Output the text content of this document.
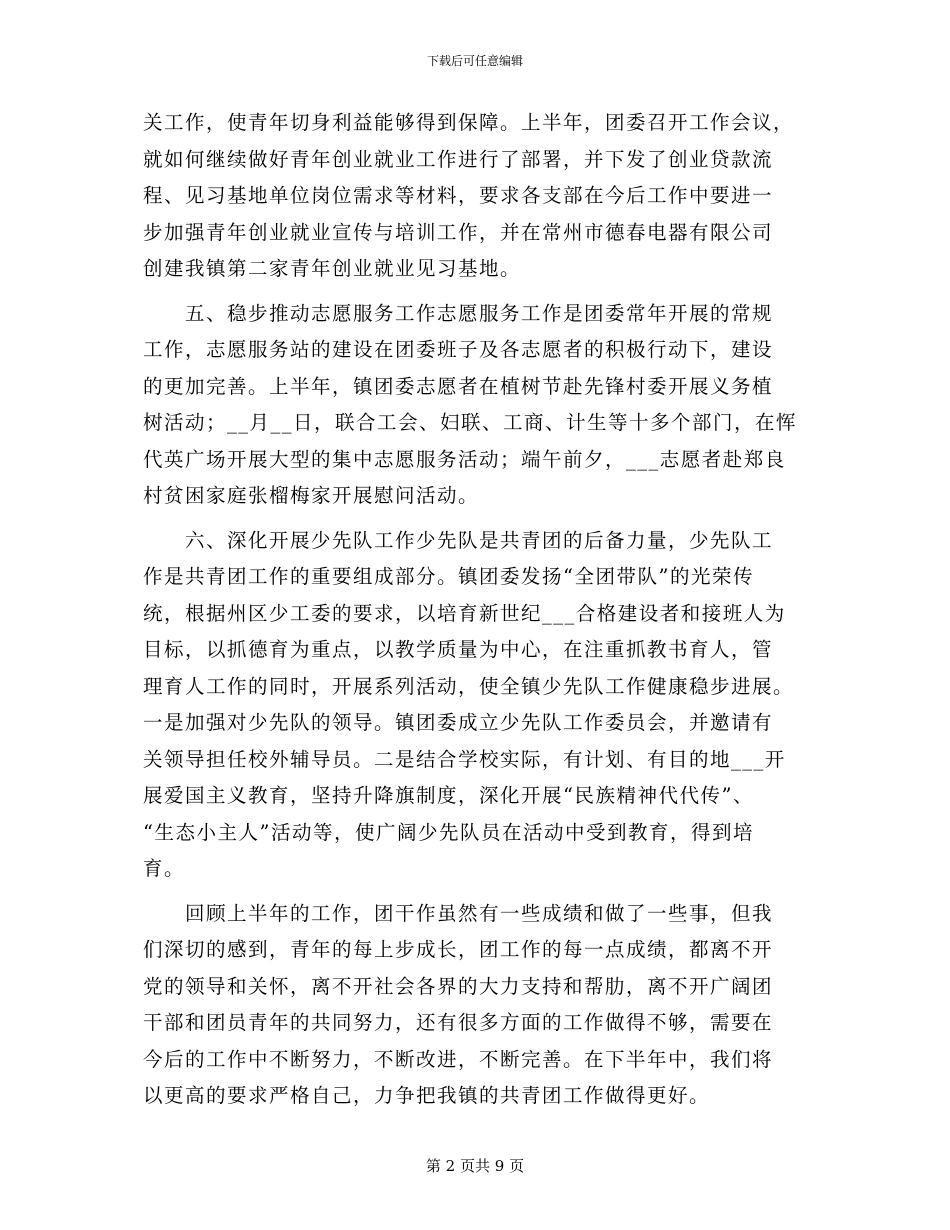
下载后可任意编辑

关工作，使青年切身利益能够得到保障。上半年，团委召开工作会议，
就如何继续做好青年创业就业工作进行了部署，并下发了创业贷款流
程、见习基地单位岗位需求等材料，要求各支部在今后工作中要进一
步加强青年创业就业宣传与培训工作，并在常州市德春电器有限公司
创建我镇第二家青年创业就业见习基地。

　　五、稳步推动志愿服务工作志愿服务工作是团委常年开展的常规
工作，志愿服务站的建设在团委班子及各志愿者的积极行动下，建设
的更加完善。上半年，镇团委志愿者在植树节赴先锋村委开展义务植
树活动；__月__日，联合工会、妇联、工商、计生等十多个部门，在恽
代英广场开展大型的集中志愿服务活动；端午前夕，___志愿者赴郑良
村贫困家庭张榴梅家开展慰问活动。

　　六、深化开展少先队工作少先队是共青团的后备力量，少先队工
作是共青团工作的重要组成部分。镇团委发扬“全团带队”的光荣传
统，根据州区少工委的要求，以培育新世纪___合格建设者和接班人为
目标，以抓德育为重点，以教学质量为中心，在注重抓教书育人，管
理育人工作的同时，开展系列活动，使全镇少先队工作健康稳步进展。
一是加强对少先队的领导。镇团委成立少先队工作委员会，并邀请有
关领导担任校外辅导员。二是结合学校实际，有计划、有目的地___开
展爱国主义教育，坚持升降旗制度，深化开展“民族精神代代传”、
“生态小主人”活动等，使广阔少先队员在活动中受到教育，得到培
育。

　　回顾上半年的工作，团干作虽然有一些成绩和做了一些事，但我
们深切的感到，青年的每上步成长，团工作的每一点成绩，都离不开
党的领导和关怀，离不开社会各界的大力支持和帮肋，离不开广阔团
干部和团员青年的共同努力，还有很多方面的工作做得不够，需要在
今后的工作中不断努力，不断改进，不断完善。在下半年中，我们将
以更高的要求严格自己，力争把我镇的共青团工作做得更好。

第 2 页共 9 页
